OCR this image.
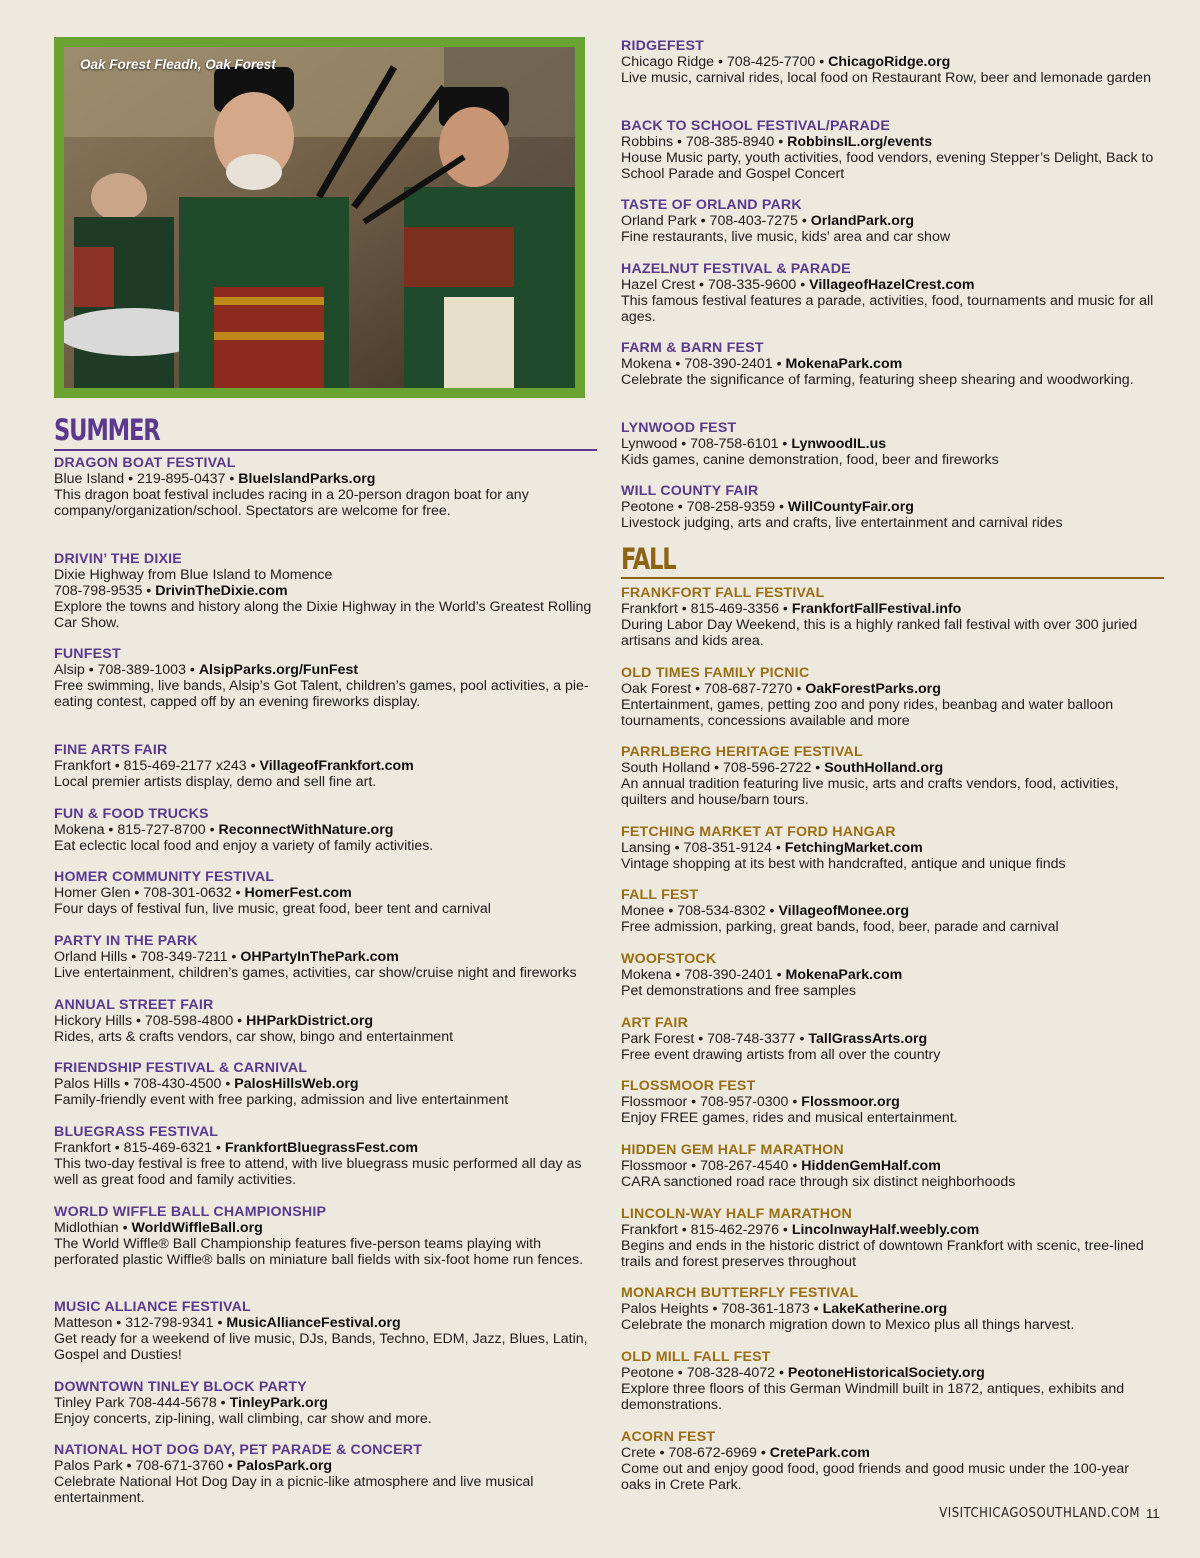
Oak Forest Fleadh, Oak Forest
SUMMER
FALL
DRAGON BOAT FESTIVAL
Blue Island • 219-895-0437 • BlueIslandParks.org
This dragon boat festival includes racing in a 20-person dragon boat for any company/organization/school. Spectators are welcome for free.
DRIVIN’ THE DIXIE
Dixie Highway from Blue Island to Momence
708-798-9535 • DrivinTheDixie.com
Explore the towns and history along the Dixie Highway in the World’s Greatest Rolling Car Show.
FUNFEST
Alsip • 708-389-1003 • AlsipParks.org/FunFest
Free swimming, live bands, Alsip’s Got Talent, children’s games, pool activities, a pie-eating contest, capped off by an evening fireworks display.
FINE ARTS FAIR
Frankfort • 815-469-2177 x243 • VillageofFrankfort.com
Local premier artists display, demo and sell fine art.
FUN & FOOD TRUCKS
Mokena • 815-727-8700 • ReconnectWithNature.org
Eat eclectic local food and enjoy a variety of family activities.
HOMER COMMUNITY FESTIVAL
Homer Glen • 708-301-0632 • HomerFest.com
Four days of festival fun, live music, great food, beer tent and carnival
PARTY IN THE PARK
Orland Hills • 708-349-7211 • OHPartyInThePark.com
Live entertainment, children’s games, activities, car show/cruise night and fireworks
ANNUAL STREET FAIR
Hickory Hills • 708-598-4800 • HHParkDistrict.org
Rides, arts & crafts vendors, car show, bingo and entertainment
FRIENDSHIP FESTIVAL & CARNIVAL
Palos Hills • 708-430-4500 • PalosHillsWeb.org
Family-friendly event with free parking, admission and live entertainment
BLUEGRASS FESTIVAL
Frankfort • 815-469-6321 • FrankfortBluegrassFest.com
This two-day festival is free to attend, with live bluegrass music performed all day as well as great food and family activities.
WORLD WIFFLE BALL CHAMPIONSHIP
Midlothian • WorldWiffleBall.org
The World Wiffle® Ball Championship features five-person teams playing with perforated plastic Wiffle® balls on miniature ball fields with six-foot home run fences.
MUSIC ALLIANCE FESTIVAL
Matteson • 312-798-9341 • MusicAllianceFestival.org
Get ready for a weekend of live music, DJs, Bands, Techno, EDM, Jazz, Blues, Latin, Gospel and Dusties!
DOWNTOWN TINLEY BLOCK PARTY
Tinley Park 708-444-5678 • TinleyPark.org
Enjoy concerts, zip-lining, wall climbing, car show and more.
NATIONAL HOT DOG DAY, PET PARADE & CONCERT
Palos Park • 708-671-3760 • PalosPark.org
Celebrate National Hot Dog Day in a picnic-like atmosphere and live musical entertainment.
RIDGEFEST
Chicago Ridge • 708-425-7700 • ChicagoRidge.org
Live music, carnival rides, local food on Restaurant Row, beer and lemonade garden
BACK TO SCHOOL FESTIVAL/PARADE
Robbins • 708-385-8940 • RobbinsIL.org/events
House Music party, youth activities, food vendors, evening Stepper’s Delight, Back to School Parade and Gospel Concert
TASTE OF ORLAND PARK
Orland Park • 708-403-7275 • OrlandPark.org
Fine restaurants, live music, kids’ area and car show
HAZELNUT FESTIVAL & PARADE
Hazel Crest • 708-335-9600 • VillageofHazelCrest.com
This famous festival features a parade, activities, food, tournaments and music for all ages.
FARM & BARN FEST
Mokena • 708-390-2401 • MokenaPark.com
Celebrate the significance of farming, featuring sheep shearing and woodworking.
LYNWOOD FEST
Lynwood • 708-758-6101 • LynwoodIL.us
Kids games, canine demonstration, food, beer and fireworks
WILL COUNTY FAIR
Peotone • 708-258-9359 • WillCountyFair.org
Livestock judging, arts and crafts, live entertainment and carnival rides
FRANKFORT FALL FESTIVAL
Frankfort • 815-469-3356 • FrankfortFallFestival.info
During Labor Day Weekend, this is a highly ranked fall festival with over 300 juried artisans and kids area.
OLD TIMES FAMILY PICNIC
Oak Forest • 708-687-7270 • OakForestParks.org
Entertainment, games, petting zoo and pony rides, beanbag and water balloon tournaments, concessions available and more
PARRLBERG HERITAGE FESTIVAL
South Holland • 708-596-2722 • SouthHolland.org
An annual tradition featuring live music, arts and crafts vendors, food, activities, quilters and house/barn tours.
FETCHING MARKET AT FORD HANGAR
Lansing • 708-351-9124 • FetchingMarket.com
Vintage shopping at its best with handcrafted, antique and unique finds
FALL FEST
Monee • 708-534-8302 • VillageofMonee.org
Free admission, parking, great bands, food, beer, parade and carnival
WOOFSTOCK
Mokena • 708-390-2401 • MokenaPark.com
Pet demonstrations and free samples
ART FAIR
Park Forest • 708-748-3377 • TallGrassArts.org
Free event drawing artists from all over the country
FLOSSMOOR FEST
Flossmoor • 708-957-0300 • Flossmoor.org
Enjoy FREE games, rides and musical entertainment.
HIDDEN GEM HALF MARATHON
Flossmoor • 708-267-4540 • HiddenGemHalf.com
CARA sanctioned road race through six distinct neighborhoods
LINCOLN-WAY HALF MARATHON
Frankfort • 815-462-2976 • LincolnwayHalf.weebly.com
Begins and ends in the historic district of downtown Frankfort with scenic, tree-lined trails and forest preserves throughout
MONARCH BUTTERFLY FESTIVAL
Palos Heights • 708-361-1873 • LakeKatherine.org
Celebrate the monarch migration down to Mexico plus all things harvest.
OLD MILL FALL FEST
Peotone • 708-328-4072 • PeotoneHistoricalSociety.org
Explore three floors of this German Windmill built in 1872, antiques, exhibits and demonstrations.
ACORN FEST
Crete • 708-672-6969 • CretePark.com
Come out and enjoy good food, good friends and good music under the 100-year oaks in Crete Park.
VISITCHICAGOSOUTHLAND.COM 11
